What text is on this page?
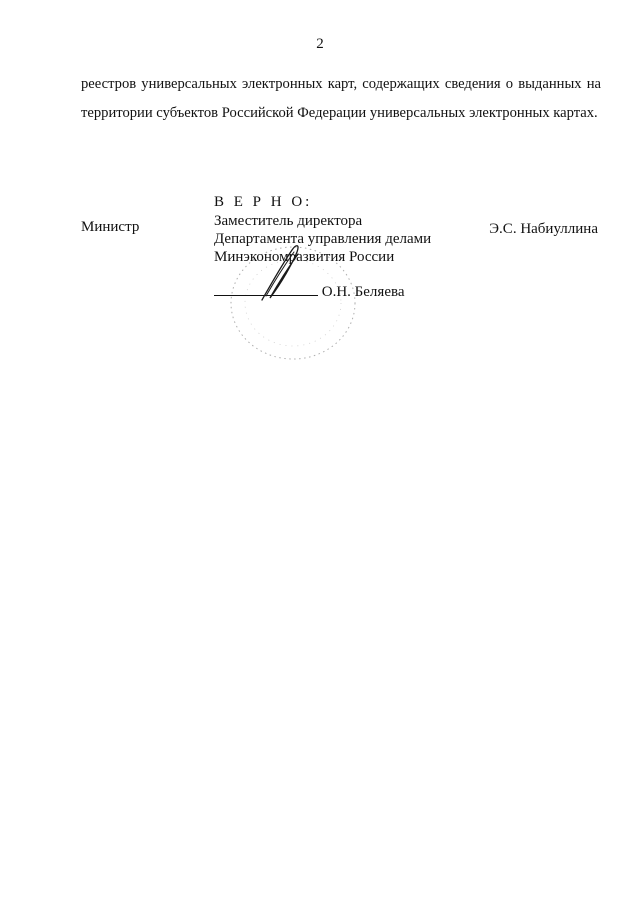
2

реестров универсальных электронных карт, содержащих сведения о выданных на территории субъектов Российской Федерации универсальных электронных картах.

Министр	Э.С. Набиуллина
В Е Р Н О:
Заместитель директора
Департамента управления делами
Минэкономразвития России
О.Н. Беляева
